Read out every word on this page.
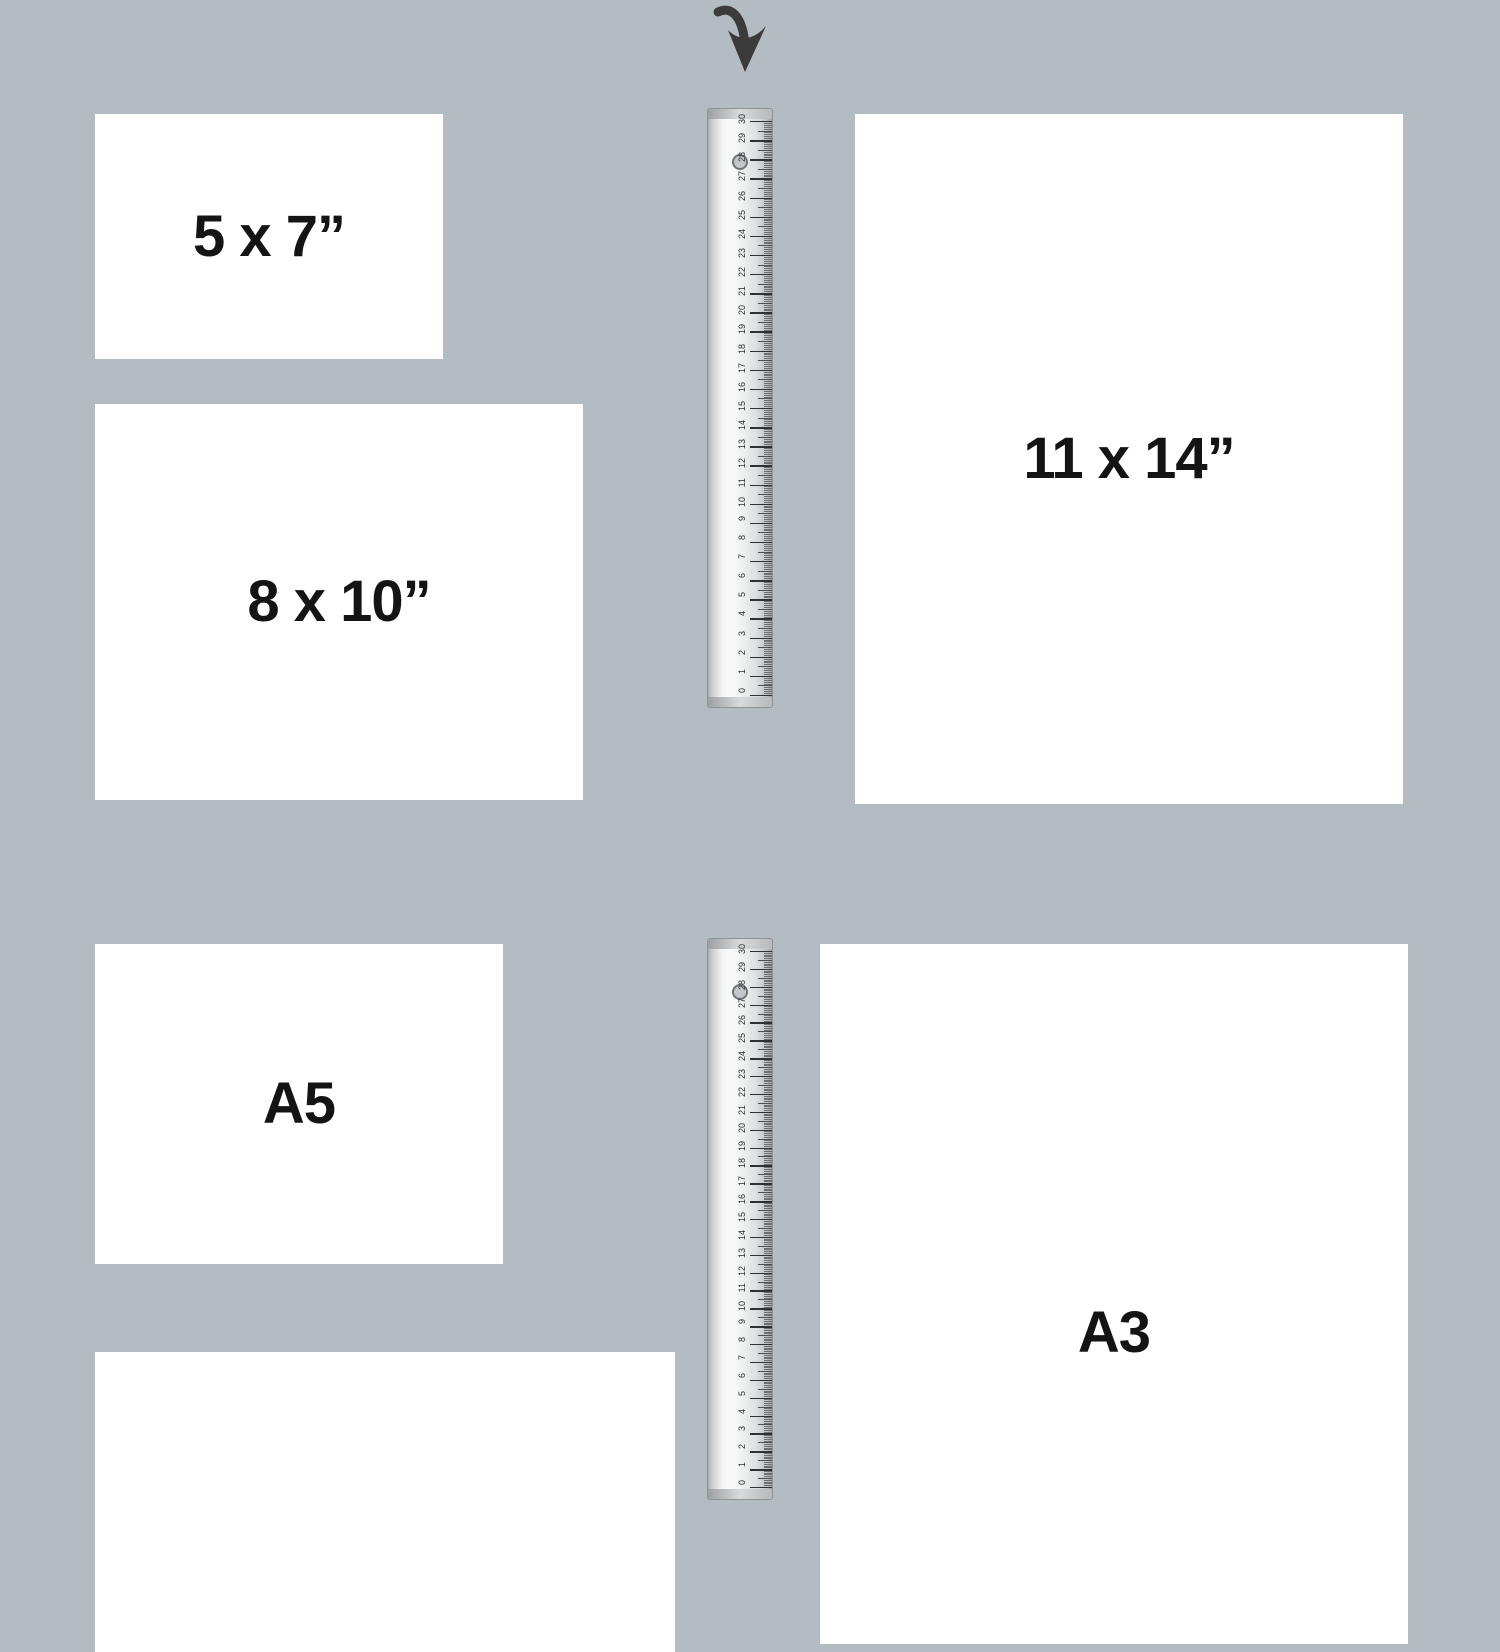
5 x 7”
8 x 10”
11 x 14”
A5
A3
0
1
2
3
4
5
6
7
8
9
10
11
12
13
14
15
16
17
18
19
20
21
22
23
24
25
26
27
28
29
30
0
1
2
3
4
5
6
7
8
9
10
11
12
13
14
15
16
17
18
19
20
21
22
23
24
25
26
27
28
29
30
